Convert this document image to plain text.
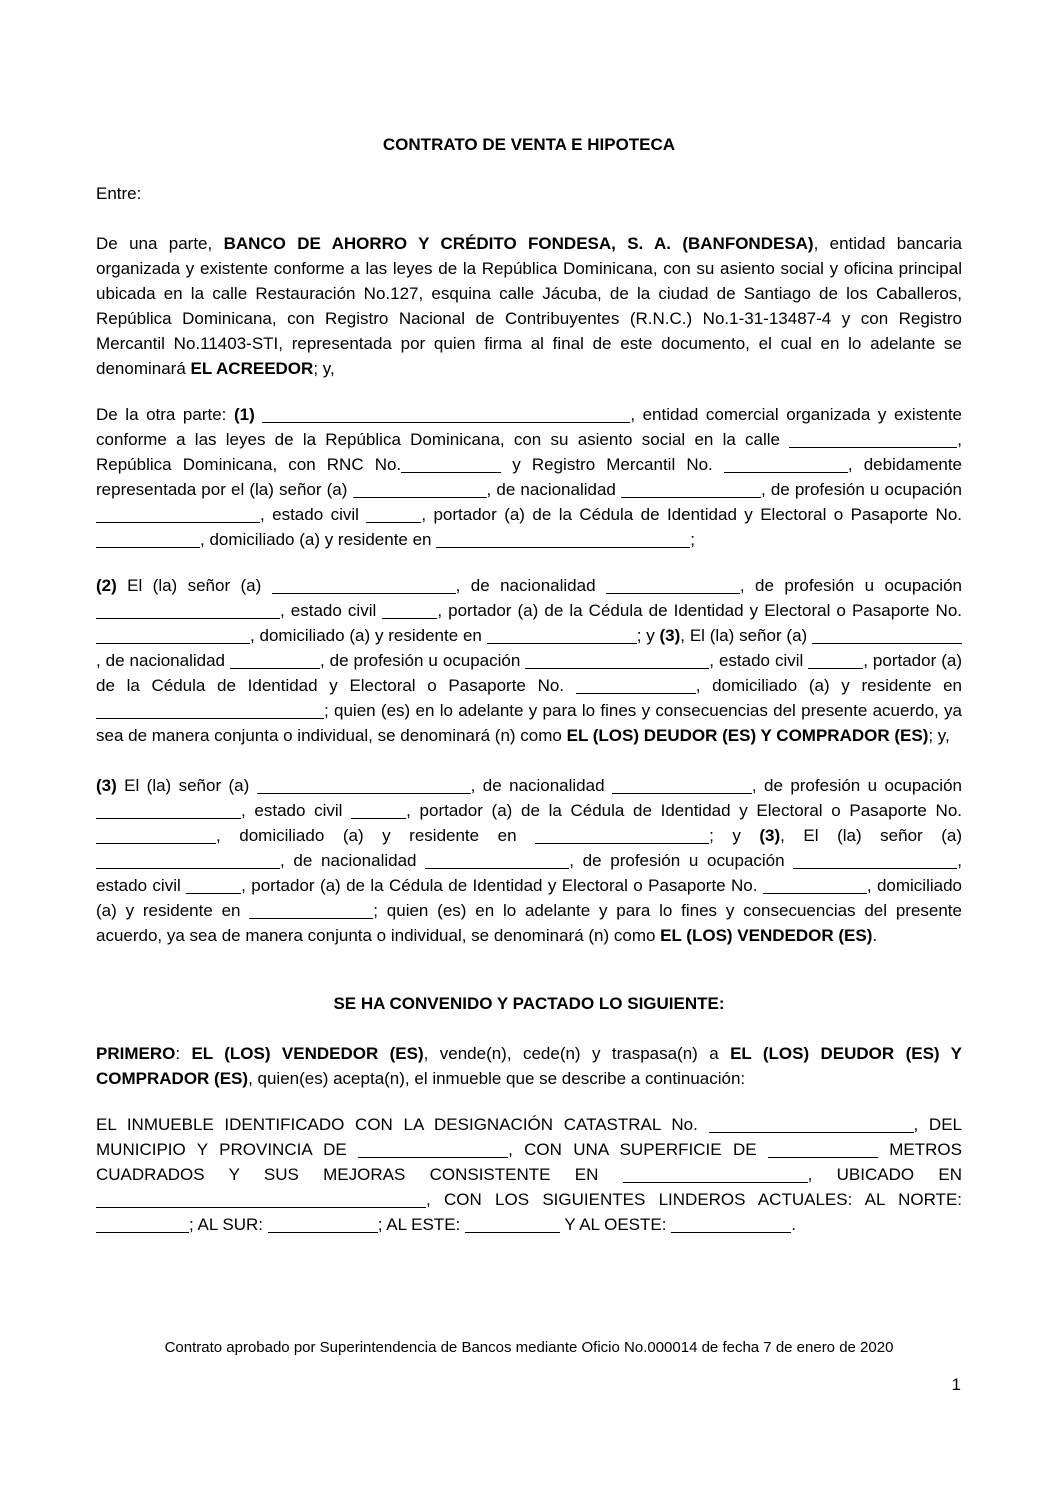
CONTRATO DE VENTA E HIPOTECA

Entre:

De una parte, BANCO DE AHORRO Y CRÉDITO FONDESA, S. A. (BANFONDESA), entidad bancaria organizada y existente conforme a las leyes de la República Dominicana, con su asiento social y oficina principal ubicada en la calle Restauración No.127, esquina calle Jácuba, de la ciudad de Santiago de los Caballeros, República Dominicana, con Registro Nacional de Contribuyentes (R.N.C.) No.1-31-13487-4 y con Registro Mercantil No.11403-STI, representada por quien firma al final de este documento, el cual en lo adelante se denominará EL ACREEDOR; y,

De la otra parte: (1)	, entidad comercial organizada y existente conforme a las leyes de la República Dominicana, con su asiento social en la calle	, República Dominicana, con RNC No.	y Registro Mercantil No.	, debidamente representada por el (la) señor (a)	, de nacionalidad	, de profesión u ocupación , estado civil	, portador (a) de la Cédula de Identidad y Electoral o Pasaporte No. , domiciliado (a) y residente en	;

(2) El (la) señor (a)	, de nacionalidad	, de profesión u ocupación , estado civil	, portador (a) de la Cédula de Identidad y Electoral o Pasaporte No. , domiciliado (a) y residente en	; y (3), El (la) señor (a) , de nacionalidad	, de profesión u ocupación	, estado civil	, portador (a) de la Cédula de Identidad y Electoral o Pasaporte No.	, domiciliado (a) y residente en ; quien (es) en lo adelante y para lo fines y consecuencias del presente acuerdo, ya sea de manera conjunta o individual, se denominará (n) como EL (LOS) DEUDOR (ES) Y COMPRADOR (ES); y,

(3) El (la) señor (a)	, de nacionalidad	, de profesión u ocupación , estado civil	, portador (a) de la Cédula de Identidad y Electoral o Pasaporte No. , domiciliado (a) y residente en	; y (3), El (la) señor (a) , de nacionalidad	, de profesión u ocupación	, estado civil	, portador (a) de la Cédula de Identidad y Electoral o Pasaporte No.	, domiciliado (a) y residente en	; quien (es) en lo adelante y para lo fines y consecuencias del presente acuerdo, ya sea de manera conjunta o individual, se denominará (n) como EL (LOS) VENDEDOR (ES).

SE HA CONVENIDO Y PACTADO LO SIGUIENTE:

PRIMERO: EL (LOS) VENDEDOR (ES), vende(n), cede(n) y traspasa(n) a EL (LOS) DEUDOR (ES) Y COMPRADOR (ES), quien(es) acepta(n), el inmueble que se describe a continuación:

EL INMUEBLE IDENTIFICADO CON LA DESIGNACIÓN CATASTRAL No.	, DEL MUNICIPIO Y PROVINCIA DE	, CON UNA SUPERFICIE DE	METROS CUADRADOS Y SUS MEJORAS CONSISTENTE EN	, UBICADO EN , CON LOS SIGUIENTES LINDEROS ACTUALES: AL NORTE: ; AL SUR:	; AL ESTE:	Y AL OESTE:	.

Contrato aprobado por Superintendencia de Bancos mediante Oficio No.000014 de fecha 7 de enero de 2020
1
